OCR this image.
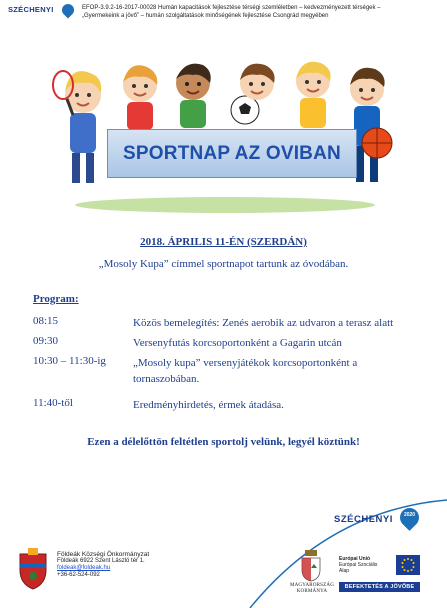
SZÉCHENYI	EFOP-3.9.2-16-2017-00028 Humán kapacitások fejlesztése térségi szemléletben – kedvezményezett térségek –
„Gyermekeink a jövő” – humán szolgáltatások minőségének fejlesztése Csongrád megyében
SPORTNAP AZ OVIBAN
2018. ÁPRILIS 11-ÉN (SZERDÁN)
„Mosoly Kupa” címmel sportnapot tartunk az óvodában.
Program:
08:15	Közös bemelegítés: Zenés aerobik az udvaron a terasz alatt
09:30	Versenyfutás korcsoportonként a Gagarin utcán
10:30 – 11:30-ig	„Mosoly kupa” versenyjátékok korcsoportonként a tornaszobában.
11:40-től	Eredményhirdetés, érmek átadása.
Ezen a délelőttön feltétlen sportolj velünk, legyél köztünk!
SZÉCHENYI	2020
Földeák Községi Önkormányzat
Földeák 6922 Szent László tér 1.
foldeak@foldeak.hu
+36-62-524-092
MAGYARORSZÁG
KORMÁNYA
Európai Unió
Európai Szociális
Alap
BEFEKTETÉS A JÖVŐBE
